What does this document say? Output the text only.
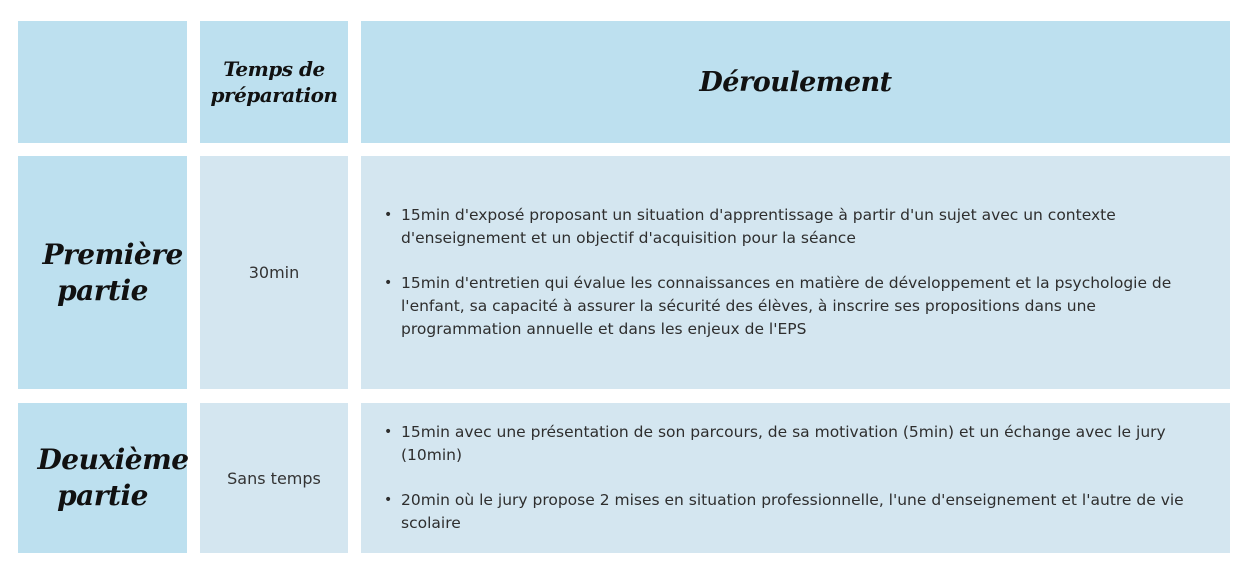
Temps de préparation	Déroulement
Première partie
30min
• 15min d'exposé proposant un situation d'apprentissage à partir d'un sujet avec un contexte d'enseignement et un objectif d'acquisition pour la séance
• 15min d'entretien qui évalue les connaissances en matière de développement et la psychologie de l'enfant, sa capacité à assurer la sécurité des élèves, à inscrire ses propositions dans une programmation annuelle et dans les enjeux de l'EPS
Deuxième partie
Sans temps
• 15min avec une présentation de son parcours, de sa motivation (5min) et un échange avec le jury (10min)
• 20min où le jury propose 2 mises en situation professionnelle, l'une d'enseignement et l'autre de vie scolaire
